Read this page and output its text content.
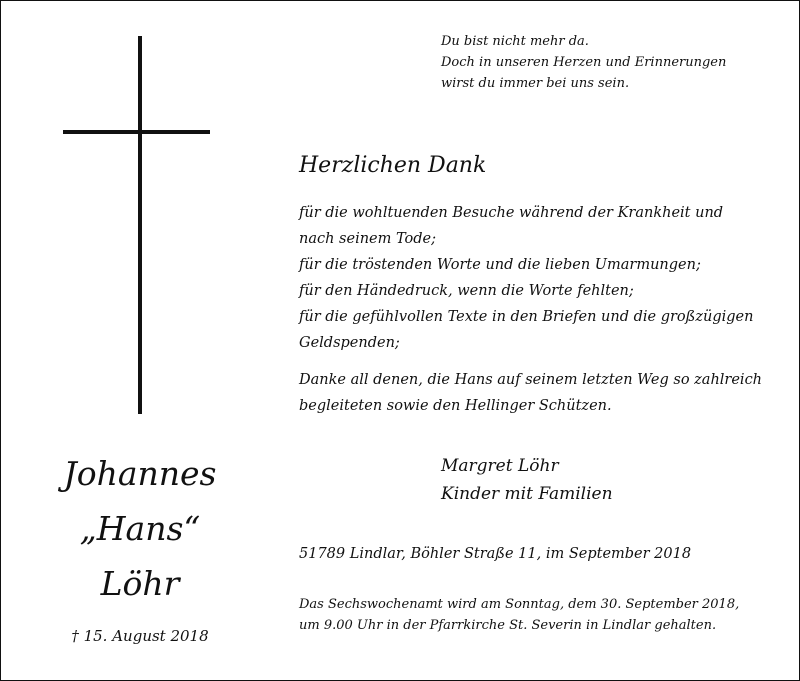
Du bist nicht mehr da.
Doch in unseren Herzen und Erinnerungen
wirst du immer bei uns sein.
Herzlichen Dank
für die wohltuenden Besuche während der Krankheit und
nach seinem Tode;
für die tröstenden Worte und die lieben Umarmungen;
für den Händedruck, wenn die Worte fehlten;
für die gefühlvollen Texte in den Briefen und die großzügigen
Geldspenden;
Danke all denen, die Hans auf seinem letzten Weg so zahlreich
begleiteten sowie den Hellinger Schützen.
Margret Löhr
Kinder mit Familien
51789 Lindlar, Böhler Straße 11, im September 2018
Das Sechswochenamt wird am Sonntag, dem 30. September 2018,
um 9.00 Uhr in der Pfarrkirche St. Severin in Lindlar gehalten.
Johannes
„Hans“
Löhr
† 15. August 2018
